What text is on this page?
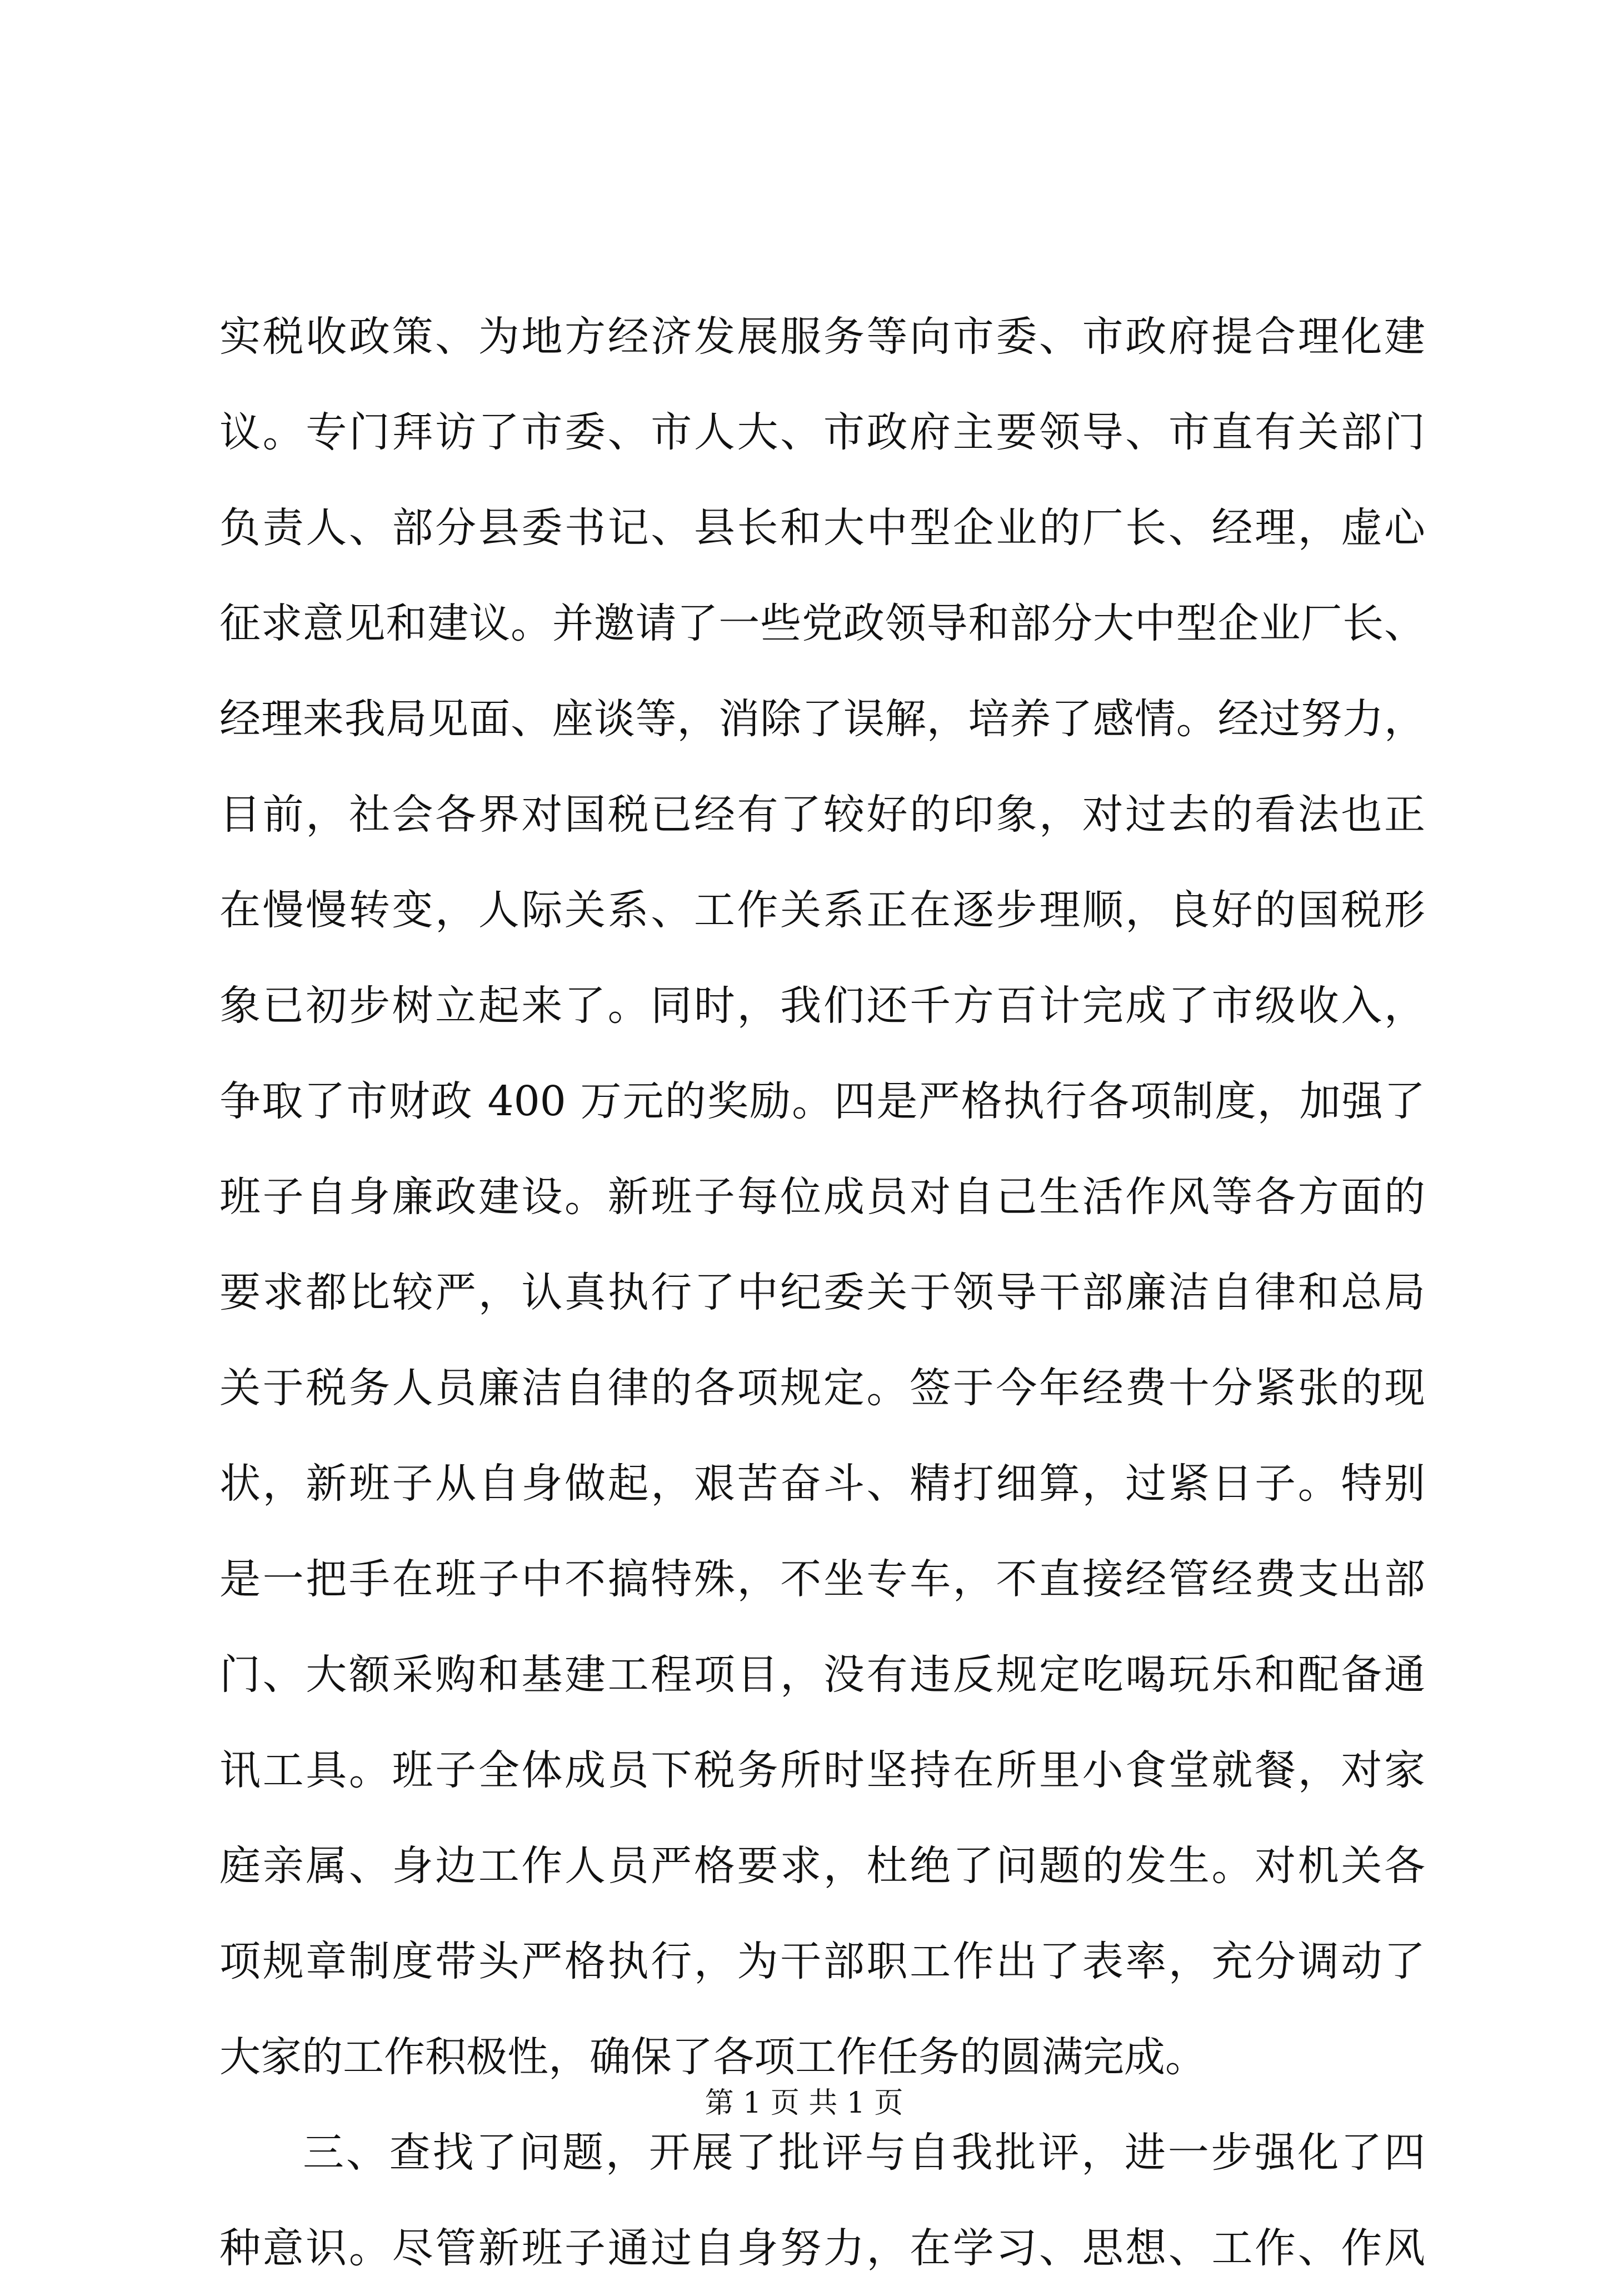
实税收政策、为地方经济发展服务等向市委、市政府提合理化建
议。专门拜访了市委、市人大、市政府主要领导、市直有关部门
负责人、部分县委书记、县长和大中型企业的厂长、经理，虚心
征求意见和建议。并邀请了一些党政领导和部分大中型企业厂长、
经理来我局见面、座谈等，消除了误解，培养了感情。经过努力，
目前，社会各界对国税已经有了较好的印象，对过去的看法也正
在慢慢转变，人际关系、工作关系正在逐步理顺，良好的国税形
象已初步树立起来了。同时，我们还千方百计完成了市级收入，
争取了市财政 400 万元的奖励。四是严格执行各项制度，加强了
班子自身廉政建设。新班子每位成员对自己生活作风等各方面的
要求都比较严，认真执行了中纪委关于领导干部廉洁自律和总局
关于税务人员廉洁自律的各项规定。签于今年经费十分紧张的现
状，新班子从自身做起，艰苦奋斗、精打细算，过紧日子。特别
是一把手在班子中不搞特殊，不坐专车，不直接经管经费支出部
门、大额采购和基建工程项目，没有违反规定吃喝玩乐和配备通
讯工具。班子全体成员下税务所时坚持在所里小食堂就餐，对家
庭亲属、身边工作人员严格要求，杜绝了问题的发生。对机关各
项规章制度带头严格执行，为干部职工作出了表率，充分调动了
大家的工作积极性，确保了各项工作任务的圆满完成。
三、查找了问题，开展了批评与自我批评，进一步强化了四
种意识。尽管新班子通过自身努力，在学习、思想、工作、作风
第 1 页 共 1 页
